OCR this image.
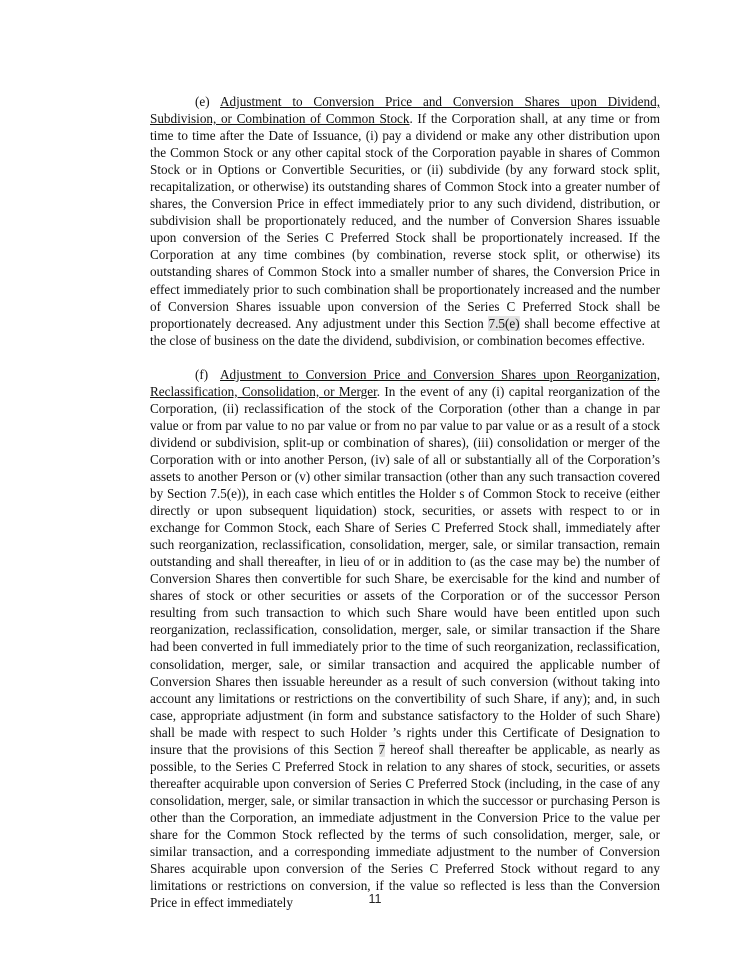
(e) Adjustment to Conversion Price and Conversion Shares upon Dividend, Subdivision, or Combination of Common Stock. If the Corporation shall, at any time or from time to time after the Date of Issuance, (i) pay a dividend or make any other distribution upon the Common Stock or any other capital stock of the Corporation payable in shares of Common Stock or in Options or Convertible Securities, or (ii) subdivide (by any forward stock split, recapitalization, or otherwise) its outstanding shares of Common Stock into a greater number of shares, the Conversion Price in effect immediately prior to any such dividend, distribution, or subdivision shall be proportionately reduced, and the number of Conversion Shares issuable upon conversion of the Series C Preferred Stock shall be proportionately increased. If the Corporation at any time combines (by combination, reverse stock split, or otherwise) its outstanding shares of Common Stock into a smaller number of shares, the Conversion Price in effect immediately prior to such combination shall be proportionately increased and the number of Conversion Shares issuable upon conversion of the Series C Preferred Stock shall be proportionately decreased. Any adjustment under this Section 7.5(e) shall become effective at the close of business on the date the dividend, subdivision, or combination becomes effective.

(f) Adjustment to Conversion Price and Conversion Shares upon Reorganization, Reclassification, Consolidation, or Merger. In the event of any (i) capital reorganization of the Corporation, (ii) reclassification of the stock of the Corporation (other than a change in par value or from par value to no par value or from no par value to par value or as a result of a stock dividend or subdivision, split-up or combination of shares), (iii) consolidation or merger of the Corporation with or into another Person, (iv) sale of all or substantially all of the Corporation’s assets to another Person or (v) other similar transaction (other than any such transaction covered by Section 7.5(e)), in each case which entitles the Holder s of Common Stock to receive (either directly or upon subsequent liquidation) stock, securities, or assets with respect to or in exchange for Common Stock, each Share of Series C Preferred Stock shall, immediately after such reorganization, reclassification, consolidation, merger, sale, or similar transaction, remain outstanding and shall thereafter, in lieu of or in addition to (as the case may be) the number of Conversion Shares then convertible for such Share, be exercisable for the kind and number of shares of stock or other securities or assets of the Corporation or of the successor Person resulting from such transaction to which such Share would have been entitled upon such reorganization, reclassification, consolidation, merger, sale, or similar transaction if the Share had been converted in full immediately prior to the time of such reorganization, reclassification, consolidation, merger, sale, or similar transaction and acquired the applicable number of Conversion Shares then issuable hereunder as a result of such conversion (without taking into account any limitations or restrictions on the convertibility of such Share, if any); and, in such case, appropriate adjustment (in form and substance satisfactory to the Holder of such Share) shall be made with respect to such Holder ’s rights under this Certificate of Designation to insure that the provisions of this Section 7 hereof shall thereafter be applicable, as nearly as possible, to the Series C Preferred Stock in relation to any shares of stock, securities, or assets thereafter acquirable upon conversion of Series C Preferred Stock (including, in the case of any consolidation, merger, sale, or similar transaction in which the successor or purchasing Person is other than the Corporation, an immediate adjustment in the Conversion Price to the value per share for the Common Stock reflected by the terms of such consolidation, merger, sale, or similar transaction, and a corresponding immediate adjustment to the number of Conversion Shares acquirable upon conversion of the Series C Preferred Stock without regard to any limitations or restrictions on conversion, if the value so reflected is less than the Conversion Price in effect immediately	11
